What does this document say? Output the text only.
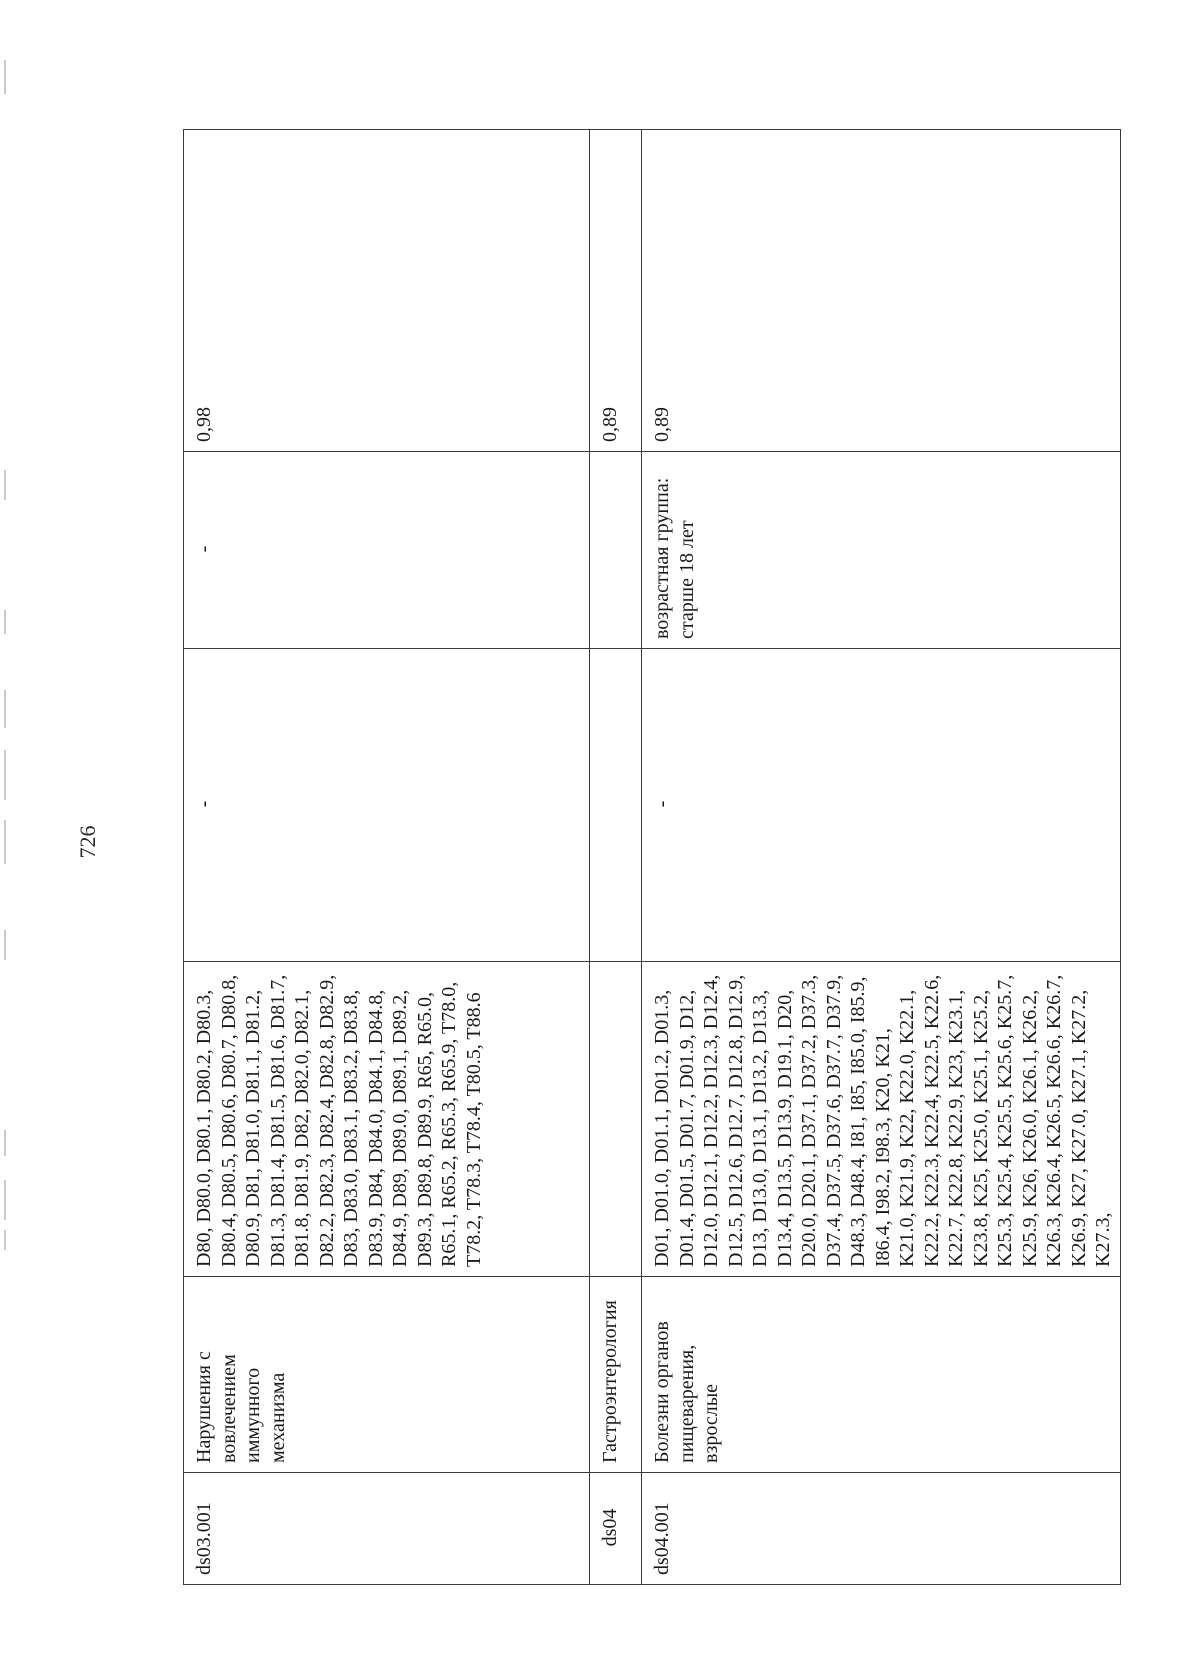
726
ds03.001	Нарушения с вовлечением иммунного механизма	D80, D80.0, D80.1, D80.2, D80.3, D80.4, D80.5, D80.6, D80.7, D80.8, D80.9, D81, D81.0, D81.1, D81.2, D81.3, D81.4, D81.5, D81.6, D81.7, D81.8, D81.9, D82, D82.0, D82.1, D82.2, D82.3, D82.4, D82.8, D82.9, D83, D83.0, D83.1, D83.2, D83.8, D83.9, D84, D84.0, D84.1, D84.8, D84.9, D89, D89.0, D89.1, D89.2, D89.3, D89.8, D89.9, R65, R65.0, R65.1, R65.2, R65.3, R65.9, T78.0, T78.2, T78.3, T78.4, T80.5, T88.6	-	-	0,98
ds04	Гастроэнтерология				0,89
ds04.001	Болезни органов пищеварения, взрослые	D01, D01.0, D01.1, D01.2, D01.3, D01.4, D01.5, D01.7, D01.9, D12, D12.0, D12.1, D12.2, D12.3, D12.4, D12.5, D12.6, D12.7, D12.8, D12.9, D13, D13.0, D13.1, D13.2, D13.3, D13.4, D13.5, D13.9, D19.1, D20, D20.0, D20.1, D37.1, D37.2, D37.3, D37.4, D37.5, D37.6, D37.7, D37.9, D48.3, D48.4, I81, I85, I85.0, I85.9, I86.4, I98.2, I98.3, K20, K21, K21.0, K21.9, K22, K22.0, K22.1, K22.2, K22.3, K22.4, K22.5, K22.6, K22.7, K22.8, K22.9, K23, K23.1, K23.8, K25, K25.0, K25.1, K25.2, K25.3, K25.4, K25.5, K25.6, K25.7, K25.9, K26, K26.0, K26.1, K26.2, K26.3, K26.4, K26.5, K26.6, K26.7, K26.9, K27, K27.0, K27.1, K27.2, K27.3,	-	возрастная группа: старше 18 лет	0,89
